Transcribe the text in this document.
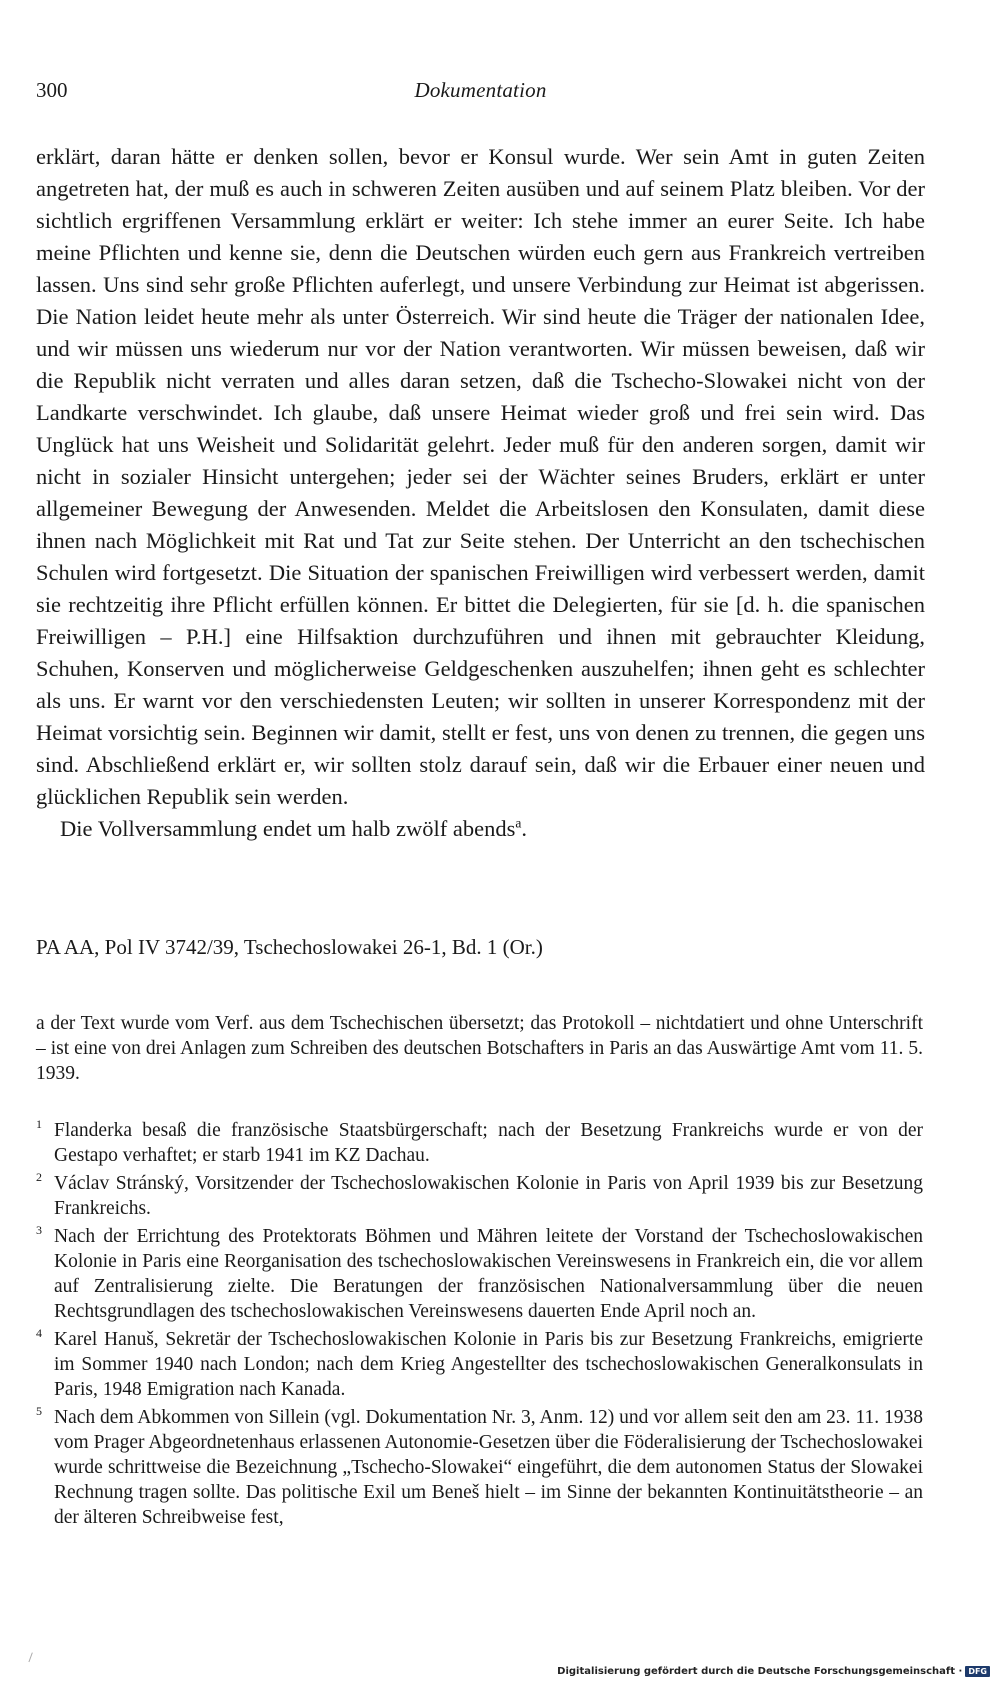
300	Dokumentation

erklärt, daran hätte er denken sollen, bevor er Konsul wurde. Wer sein Amt in guten Zeiten angetreten hat, der muß es auch in schweren Zeiten ausüben und auf seinem Platz bleiben. Vor der sichtlich ergriffenen Versammlung erklärt er weiter: Ich stehe immer an eurer Seite. Ich habe meine Pflichten und kenne sie, denn die Deutschen würden euch gern aus Frankreich vertreiben lassen. Uns sind sehr große Pflichten auferlegt, und unsere Verbindung zur Heimat ist abgerissen. Die Nation leidet heute mehr als unter Österreich. Wir sind heute die Träger der nationalen Idee, und wir müssen uns wiederum nur vor der Nation verantworten. Wir müssen beweisen, daß wir die Republik nicht verraten und alles daran setzen, daß die Tschecho-Slowakei nicht von der Landkarte verschwindet. Ich glaube, daß unsere Heimat wieder groß und frei sein wird. Das Unglück hat uns Weisheit und Solidarität gelehrt. Jeder muß für den anderen sorgen, damit wir nicht in sozialer Hinsicht untergehen; jeder sei der Wächter seines Bruders, erklärt er unter allgemeiner Bewegung der Anwesenden. Meldet die Arbeitslosen den Konsulaten, damit diese ihnen nach Möglichkeit mit Rat und Tat zur Seite stehen. Der Unterricht an den tschechischen Schulen wird fortgesetzt. Die Situation der spanischen Freiwilligen wird verbessert werden, damit sie rechtzeitig ihre Pflicht erfüllen können. Er bittet die Delegierten, für sie [d. h. die spanischen Freiwilligen – P.H.] eine Hilfsaktion durchzuführen und ihnen mit gebrauchter Kleidung, Schuhen, Konserven und möglicherweise Geldgeschenken auszuhelfen; ihnen geht es schlechter als uns. Er warnt vor den verschiedensten Leuten; wir sollten in unserer Korrespondenz mit der Heimat vorsichtig sein. Beginnen wir damit, stellt er fest, uns von denen zu trennen, die gegen uns sind. Abschließend erklärt er, wir sollten stolz darauf sein, daß wir die Erbauer einer neuen und glücklichen Republik sein werden.

Die Vollversammlung endet um halb zwölf abends$^a$.

PA AA, Pol IV 3742/39, Tschechoslowakei 26-1, Bd. 1 (Or.)
a der Text wurde vom Verf. aus dem Tschechischen übersetzt; das Protokoll – nichtdatiert und ohne Unterschrift – ist eine von drei Anlagen zum Schreiben des deutschen Botschafters in Paris an das Auswärtige Amt vom 11. 5. 1939.
1 Flanderka besaß die französische Staatsbürgerschaft; nach der Besetzung Frankreichs wurde er von der Gestapo verhaftet; er starb 1941 im KZ Dachau.
2 Václav Stránský, Vorsitzender der Tschechoslowakischen Kolonie in Paris von April 1939 bis zur Besetzung Frankreichs.
3 Nach der Errichtung des Protektorats Böhmen und Mähren leitete der Vorstand der Tschechoslowakischen Kolonie in Paris eine Reorganisation des tschechoslowakischen Vereinswesens in Frankreich ein, die vor allem auf Zentralisierung zielte. Die Beratungen der französischen Nationalversammlung über die neuen Rechtsgrundlagen des tschechoslowakischen Vereinswesens dauerten Ende April noch an.
4 Karel Hanuš, Sekretär der Tschechoslowakischen Kolonie in Paris bis zur Besetzung Frankreichs, emigrierte im Sommer 1940 nach London; nach dem Krieg Angestellter des tschechoslowakischen Generalkonsulats in Paris, 1948 Emigration nach Kanada.
5 Nach dem Abkommen von Sillein (vgl. Dokumentation Nr. 3, Anm. 12) und vor allem seit den am 23. 11. 1938 vom Prager Abgeordnetenhaus erlassenen Autonomie-Gesetzen über die Föderalisierung der Tschechoslowakei wurde schrittweise die Bezeichnung „Tschecho-Slowakei“ eingeführt, die dem autonomen Status der Slowakei Rechnung tragen sollte. Das politische Exil um Beneš hielt – im Sinne der bekannten Kontinuitätstheorie – an der älteren Schreibweise fest,
Digitalisierung gefördert durch die Deutsche Forschungsgemeinschaft · DFG
